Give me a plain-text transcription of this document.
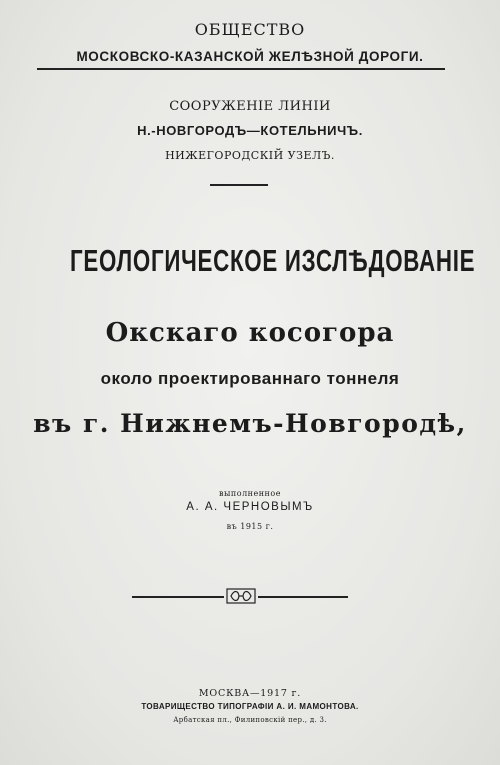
ОБЩЕСТВО
МОСКОВСКО-КАЗАНСКОЙ ЖЕЛѢЗНОЙ ДОРОГИ.
СООРУЖЕНІЕ ЛИНІИ
Н.-НОВГОРОДЪ—КОТЕЛЬНИЧЪ.
НИЖЕГОРОДСКІЙ УЗЕЛЪ.
ГЕОЛОГИЧЕСКОЕ ИЗСЛѢДОВАНІЕ
Окскаго косогора
около проектированнаго тоннеля
въ г. Нижнемъ-Новгородѣ,
выполненное
А. А. ЧЕРНОВЫМЪ
въ 1915 г.
МОСКВА—1917 г.
ТОВАРИЩЕСТВО ТИПОГРАФІИ А. И. МАМОНТОВА.
Арбатская пл., Филиповскій пер., д. 3.
